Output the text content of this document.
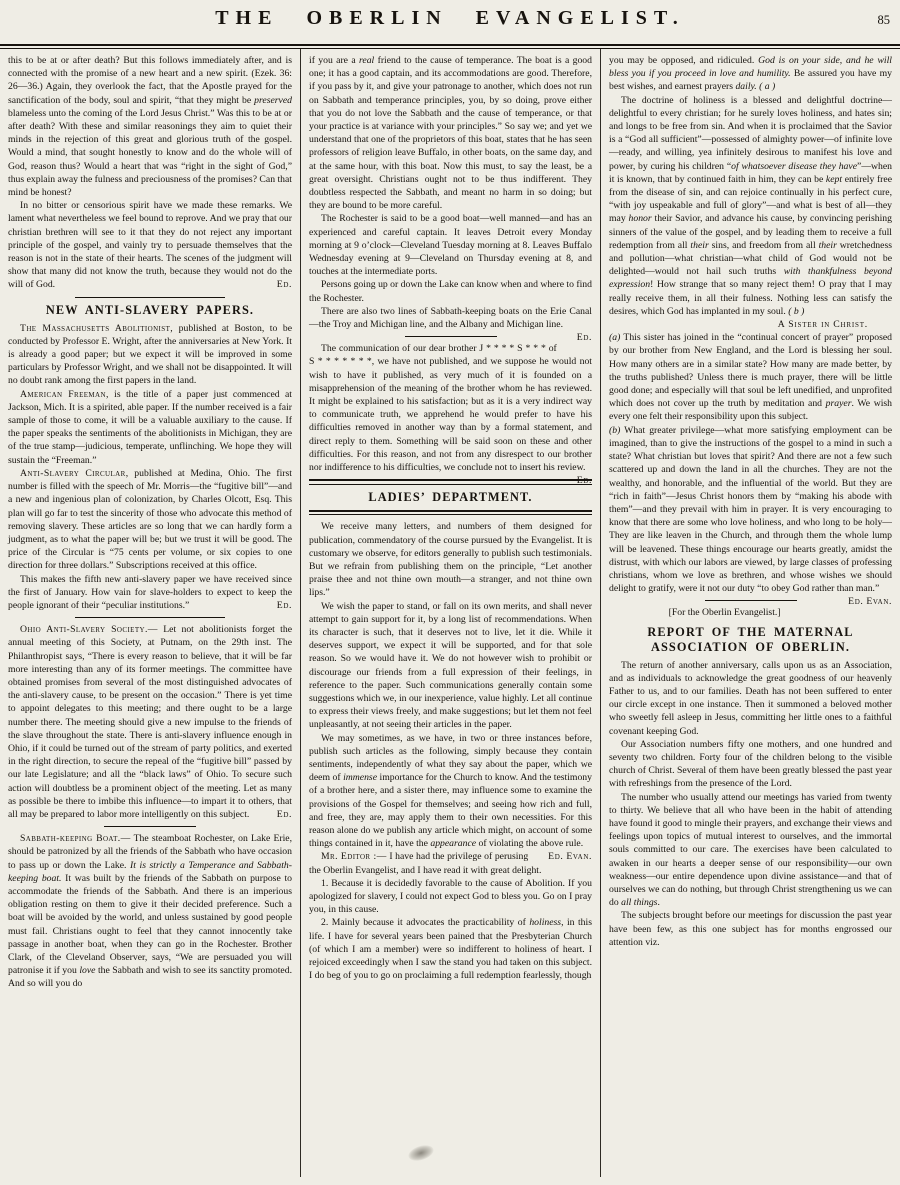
THE OBERLIN EVANGELIST.	85

this to be at or after death? But this follows immediately after, and is connected with the promise of a new heart and a new spirit. (Ezek. 36: 26—36.) Again, they overlook the fact, that the Apostle prayed for the sanctification of the body, soul and spirit, “that they might be preserved blameless unto the coming of the Lord Jesus Christ.” Was this to be at or after death? With these and similar reasonings they aim to quiet their minds in the rejection of this great and glorious truth of the gospel. Would a mind, that sought honestly to know and do the whole will of God, reason thus? Would a heart that was “right in the sight of God,” thus explain away the fulness and preciousness of the promises? Can that mind be honest?

In no bitter or censorious spirit have we made these remarks. We lament what nevertheless we feel bound to reprove. And we pray that our christian brethren will see to it that they do not reject any important principle of the gospel, and vainly try to persuade themselves that the reason is not in the state of their hearts. The scenes of the judgment will show that many did not know the truth, because they would not do the will of God.	Ed.

NEW ANTI-SLAVERY PAPERS.

The Massachusetts Abolitionist, published at Boston, to be conducted by Professor E. Wright, after the anniversaries at New York. It is already a good paper; but we expect it will be improved in some particulars by Professor Wright, and we shall not be disappointed. It will no doubt rank among the first papers in the land.

American Freeman, is the title of a paper just commenced at Jackson, Mich. It is a spirited, able paper. If the number received is a fair sample of those to come, it will be a valuable auxiliary to the cause. If the paper speaks the sentiments of the abolitionists in Michigan, they are of the true stamp—judicious, temperate, unflinching. We hope they will sustain the “Freeman.”

Anti-Slavery Circular, published at Medina, Ohio. The first number is filled with the speech of Mr. Morris—the “fugitive bill”—and a new and ingenious plan of colonization, by Charles Olcott, Esq. This plan will go far to test the sincerity of those who advocate this method of removing slavery. These articles are so long that we can hardly form a judgment, as to what the paper will be; but we trust it will be good. The price of the Circular is “75 cents per volume, or six copies to one direction for three dollars.” Subscriptions received at this office.

This makes the fifth new anti-slavery paper we have received since the first of January. How vain for slave-holders to expect to keep the people ignorant of their “peculiar institutions.”	Ed.

Ohio Anti-Slavery Society.— Let not abolitionists forget the annual meeting of this Society, at Putnam, on the 29th inst. The Philanthropist says, “There is every reason to believe, that it will be far more interesting than any of its former meetings. The committee have obtained promises from several of the most distinguished advocates of the anti-slavery cause, to be present on the occasion.” There is yet time to appoint delegates to this meeting; and there ought to be a large number there. The meeting should give a new impulse to the friends of the slave throughout the state. There is anti-slavery influence enough in Ohio, if it could be turned out of the stream of party politics, and exerted in the right direction, to secure the repeal of the “fugitive bill” passed by our late Legislature; and all the “black laws” of Ohio. To secure such action will doubtless be a prominent object of the meeting. Let as many as possible be there to imbibe this influence—to impart it to others, that all may be prepared to labor more intelligently on this subject.	Ed.

Sabbath-keeping Boat.— The steamboat Rochester, on Lake Erie, should be patronized by all the friends of the Sabbath who have occasion to pass up or down the Lake. It is strictly a Temperance and Sabbath-keeping boat. It was built by the friends of the Sabbath on purpose to accommodate the friends of the Sabbath. And there is an imperious obligation resting on them to give it their decided preference. Such a boat will be avoided by the world, and unless sustained by good people must fail. Christians ought to feel that they cannot innocently take passage in another boat, when they can go in the Rochester. Brother Clark, of the Cleveland Observer, says, “We are persuaded you will patronise it if you love the Sabbath and wish to see its sanctity promoted. And so will you do

if you are a real friend to the cause of temperance. The boat is a good one; it has a good captain, and its accommodations are good. Therefore, if you pass by it, and give your patronage to another, which does not run on Sabbath and temperance principles, you, by so doing, prove either that you do not love the Sabbath and the cause of temperance, or that your practice is at variance with your principles.” So say we; and yet we understand that one of the proprietors of this boat, states that he has seen professors of religion leave Buffalo, in other boats, on the same day, and at the same hour, with this boat. Now this must, to say the least, be a great oversight. Christians ought not to be thus indifferent. They doubtless respected the Sabbath, and meant no harm in so doing; but they are bound to be more careful.

The Rochester is said to be a good boat—well manned—and has an experienced and careful captain. It leaves Detroit every Monday morning at 9 o’clock—Cleveland Tuesday morning at 8. Leaves Buffalo Wednesday evening at 9—Cleveland on Thursday evening at 8, and touches at the intermediate ports.

Persons going up or down the Lake can know when and where to find the Rochester.

There are also two lines of Sabbath-keeping boats on the Erie Canal—the Troy and Michigan line, and the Albany and Michigan line.
Ed.

The communication of our dear brother J * * * * S * * * of S * * * * * * *, we have not published, and we suppose he would not wish to have it published, as very much of it is founded on a misapprehension of the meaning of the brother whom he has reviewed. It might be explained to his satisfaction; but as it is a very indirect way to communicate truth, we apprehend he would prefer to have his difficulties removed in another way than by a formal statement, and direct reply to them. Something will be said soon on these and other difficulties. For this reason, and not from any disrespect to our brother nor indifference to his difficulties, we conclude not to insert his review.
Ed.

LADIES’ DEPARTMENT.

We receive many letters, and numbers of them designed for publication, commendatory of the course pursued by the Evangelist. It is customary we observe, for editors generally to publish such testimonials. But we refrain from publishing them on the principle, “Let another praise thee and not thine own mouth—a stranger, and not thine own lips.”

We wish the paper to stand, or fall on its own merits, and shall never attempt to gain support for it, by a long list of recommendations. When its character is such, that it deserves not to live, let it die. While it deserves support, we expect it will be supported, and for that sole reason. So we would have it. We do not however wish to prohibit or discourage our friends from a full expression of their feelings, in reference to the paper. Such communications generally contain some suggestions which we, in our inexperience, value highly. Let all continue to express their views freely, and make suggestions; but let them not feel unpleasantly, at not seeing their articles in the paper.

We may sometimes, as we have, in two or three instances before, publish such articles as the following, simply because they contain sentiments, independently of what they say about the paper, which we deem of immense importance for the Church to know. And the testimony of a brother here, and a sister there, may influence some to examine the provisions of the Gospel for themselves; and seeing how rich and full, and free, they are, may apply them to their own necessities. For this reason alone do we publish any article which might, on account of some things contained in it, have the appearance of violating the above rule.
Ed. Evan.

Mr. Editor :— I have had the privilege of perusing the Oberlin Evangelist, and I have read it with great delight.

1. Because it is decidedly favorable to the cause of Abolition. If you apologized for slavery, I could not expect God to bless you. Go on I pray you, in this cause.

2. Mainly because it advocates the practicability of holiness, in this life. I have for several years been pained that the Presbyterian Church (of which I am a member) were so indifferent to holiness of heart. I rejoiced exceedingly when I saw the stand you had taken on this subject. I do beg of you to go on proclaiming a full redemption fearlessly, though

you may be opposed, and ridiculed. God is on your side, and he will bless you if you proceed in love and humility. Be assured you have my best wishes, and earnest prayers daily. ( a )

The doctrine of holiness is a blessed and delightful doctrine—delightful to every christian; for he surely loves holiness, and hates sin; and longs to be free from sin. And when it is proclaimed that the Savior is a “God all sufficient”—possessed of almighty power—of infinite love—ready, and willing, yea infinitely desirous to manifest his love and power, by curing his children “of whatsoever disease they have”—when it is known, that by continued faith in him, they can be kept entirely free from the disease of sin, and can rejoice continually in his perfect cure, “with joy uspeakable and full of glory”—and what is best of all—they may honor their Savior, and advance his cause, by convincing perishing sinners of the value of the gospel, and by leading them to receive a full redemption from all their sins, and freedom from all their wretchedness and pollution—what christian—what child of God would not be delighted—would not hail such truths with thankfulness beyond expression! How strange that so many reject them! O pray that I may really receive them, in all their fulness. Nothing less can satisfy the desires, which God has implanted in my soul. ( b )

A Sister in Christ.

(a) This sister has joined in the “continual concert of prayer” proposed by our brother from New England, and the Lord is blessing her soul. How many others are in a similar state? How many are made better, by the truths published? Unless there is much prayer, there will be little good done; and especially will that soul be left unedified, and unprofited which does not cover up the truth by meditation and prayer. We wish every one felt their responsibility upon this subject.

(b) What greater privilege—what more satisfying employment can be imagined, than to give the instructions of the gospel to a mind in such a state? What christian but loves that spirit? And there are not a few such scattered up and down the land in all the churches. They are not the wealthy, and honorable, and the influential of the world. But they are “rich in faith”—Jesus Christ honors them by “making his abode with them”—and they prevail with him in prayer. It is very encouraging to know that there are some who love holiness, and who long to be holy—They are like leaven in the Church, and through them the whole lump will be leavened. These things encourage our hearts greatly, amidst the distrust, with which our labors are viewed, by large classes of professing christians, whom we love as brethren, and whose wishes we should delight to gratify, were it not our duty “to obey God rather than man.”
Ed. Evan.

[For the Oberlin Evangelist.]
REPORT OF THE MATERNAL ASSOCIATION OF OBERLIN.

The return of another anniversary, calls upon us as an Association, and as individuals to acknowledge the great goodness of our heavenly Father to us, and to our families. Death has not been suffered to enter our circle except in one instance. Then it summoned a beloved mother who sweetly fell asleep in Jesus, committing her little ones to a faithful covenant keeping God.

Our Association numbers fifty one mothers, and one hundred and seventy two children. Forty four of the children belong to the visible church of Christ. Several of them have been greatly blessed the past year with refreshings from the presence of the Lord.

The number who usually attend our meetings has varied from twenty to thirty. We believe that all who have been in the habit of attending have found it good to mingle their prayers, and exchange their views and feelings upon topics of mutual interest to ourselves, and the immortal souls committed to our care. The exercises have been calculated to awaken in our hearts a deeper sense of our responsibility—our own weakness—our entire dependence upon divine assistance—and that of ourselves we can do nothing, but through Christ strengthening us we can do all things.

The subjects brought before our meetings for discussion the past year have been few, as this one subject has for months engrossed our attention viz.
